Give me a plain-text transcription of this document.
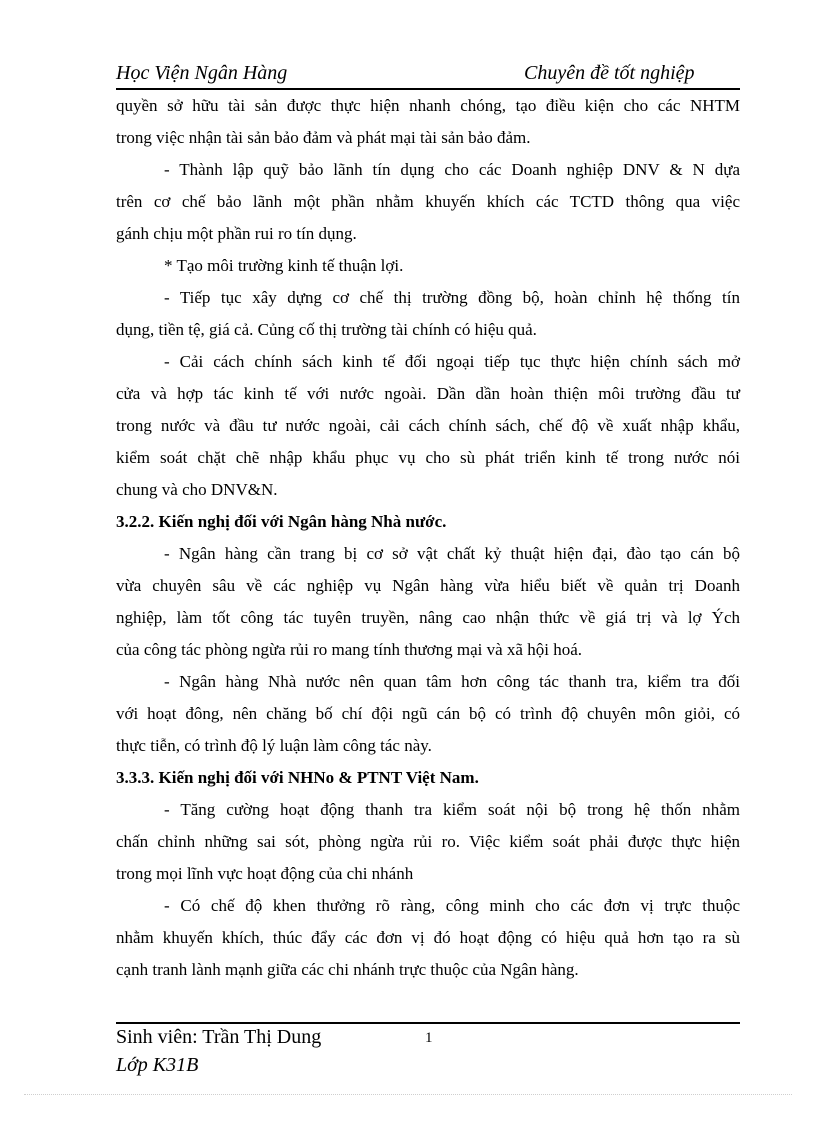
Học Viện Ngân Hàng	Chuyên đề tốt nghiệp

quyền sở hữu tài sản được thực hiện nhanh chóng, tạo điều kiện cho các NHTM
trong việc nhận tài sản bảo đảm và phát mại tài sản bảo đảm.

- Thành lập quỹ bảo lãnh tín dụng cho các Doanh nghiệp DNV & N dựa
trên cơ chế bảo lãnh một phần nhằm khuyến khích các TCTD thông qua việc
gánh chịu một phần rui ro tín dụng.

* Tạo môi trường kinh tế thuận lợi.

- Tiếp tục xây dựng cơ chế thị trường đồng bộ, hoàn chỉnh hệ thống tín
dụng, tiền tệ, giá cả. Củng cố thị trường tài chính có hiệu quả.

- Cải cách chính sách kinh tế đối ngoại tiếp tục thực hiện chính sách mở
cửa và hợp tác kinh tế với nước ngoài. Dần dần hoàn thiện môi trường đầu tư
trong nước và đầu tư nước ngoài, cải cách chính sách, chế độ về xuất nhập khẩu,
kiểm soát chặt chẽ nhập khẩu phục vụ cho sù phát triển kinh tế trong nước nói
chung và cho DNV&N.

3.2.2. Kiến nghị đối với Ngân hàng Nhà nước.

- Ngân hàng cần trang bị cơ sở vật chất kỷ thuật hiện đại, đào tạo cán bộ
vừa chuyên sâu về các nghiệp vụ Ngân hàng vừa hiểu biết về quản trị Doanh
nghiệp, làm tốt công tác tuyên truyền, nâng cao nhận thức về giá trị và lợ Ých
của công tác phòng ngừa rủi ro mang tính thương mại và xã hội hoá.

- Ngân hàng Nhà nước nên quan tâm hơn công tác thanh tra, kiểm tra đối
với hoạt đông, nên chăng bố chí đội ngũ cán bộ có trình độ chuyên môn giỏi, có
thực tiễn, có trình độ lý luận làm công tác này.

3.3.3. Kiến nghị đối với NHNo & PTNT Việt Nam.

- Tăng cường hoạt động thanh tra kiểm soát nội bộ trong hệ thốn nhằm
chấn chỉnh những sai sót, phòng ngừa rủi ro. Việc kiểm soát phải được thực hiện
trong mọi lĩnh vực hoạt động của chi nhánh

- Có chế độ khen thưởng rõ ràng, công minh cho các đơn vị trực thuộc
nhằm khuyến khích, thúc đẩy các đơn vị đó hoạt động có hiệu quả hơn tạo ra sù
cạnh tranh lành mạnh giữa các chi nhánh trực thuộc của Ngân hàng.

Sinh viên: Trần Thị Dung	1
Lớp K31B
